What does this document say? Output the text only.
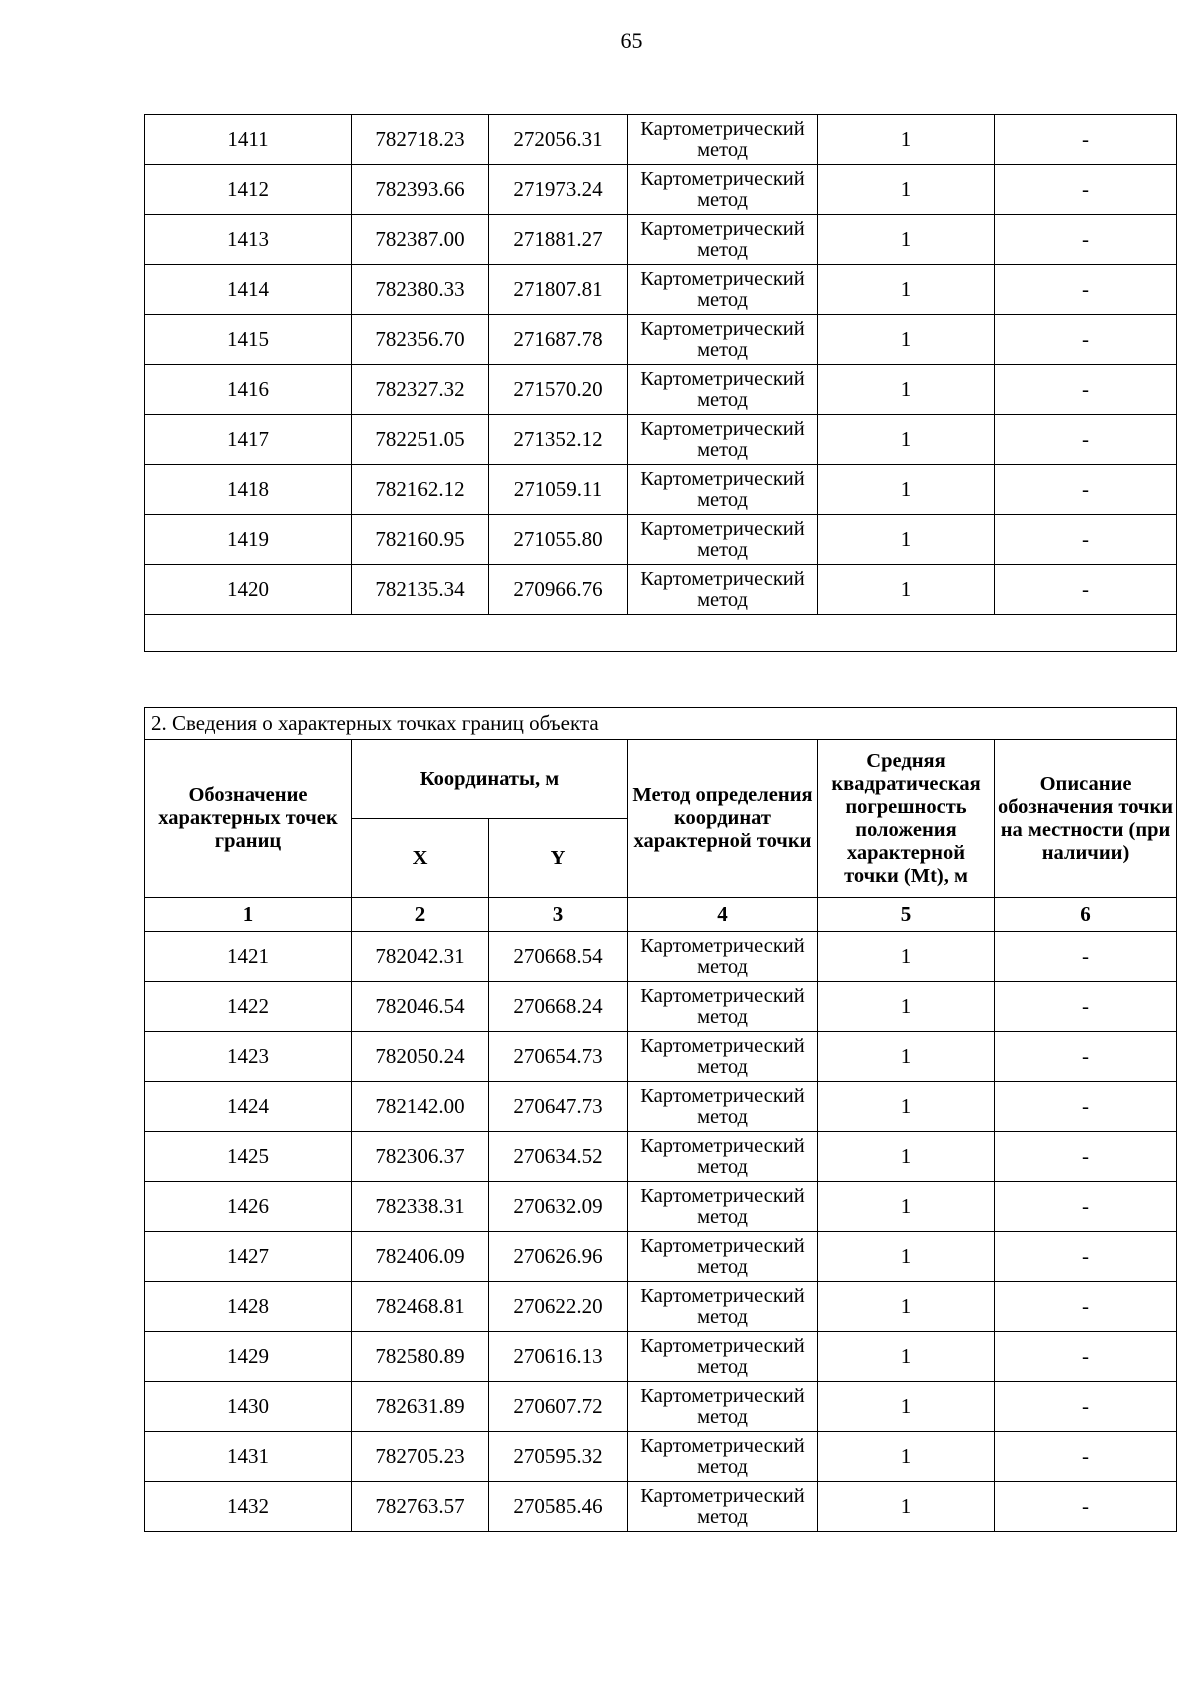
65
1411	782718.23	272056.31	Картометрический метод	1	-
1412	782393.66	271973.24	Картометрический метод	1	-
1413	782387.00	271881.27	Картометрический метод	1	-
1414	782380.33	271807.81	Картометрический метод	1	-
1415	782356.70	271687.78	Картометрический метод	1	-
1416	782327.32	271570.20	Картометрический метод	1	-
1417	782251.05	271352.12	Картометрический метод	1	-
1418	782162.12	271059.11	Картометрический метод	1	-
1419	782160.95	271055.80	Картометрический метод	1	-
1420	782135.34	270966.76	Картометрический метод	1	-

2. Сведения о характерных точках границ объекта					
Обозначение характерных точек границ	Координаты, м		Метод определения координат характерной точки	Средняя квадратическая погрешность положения характерной точки (Mt), м	Описание обозначения точки на местности (при наличии)
	X	Y			
1	2	3	4	5	6
1421	782042.31	270668.54	Картометрический метод	1	-
1422	782046.54	270668.24	Картометрический метод	1	-
1423	782050.24	270654.73	Картометрический метод	1	-
1424	782142.00	270647.73	Картометрический метод	1	-
1425	782306.37	270634.52	Картометрический метод	1	-
1426	782338.31	270632.09	Картометрический метод	1	-
1427	782406.09	270626.96	Картометрический метод	1	-
1428	782468.81	270622.20	Картометрический метод	1	-
1429	782580.89	270616.13	Картометрический метод	1	-
1430	782631.89	270607.72	Картометрический метод	1	-
1431	782705.23	270595.32	Картометрический метод	1	-
1432	782763.57	270585.46	Картометрический метод	1	-
